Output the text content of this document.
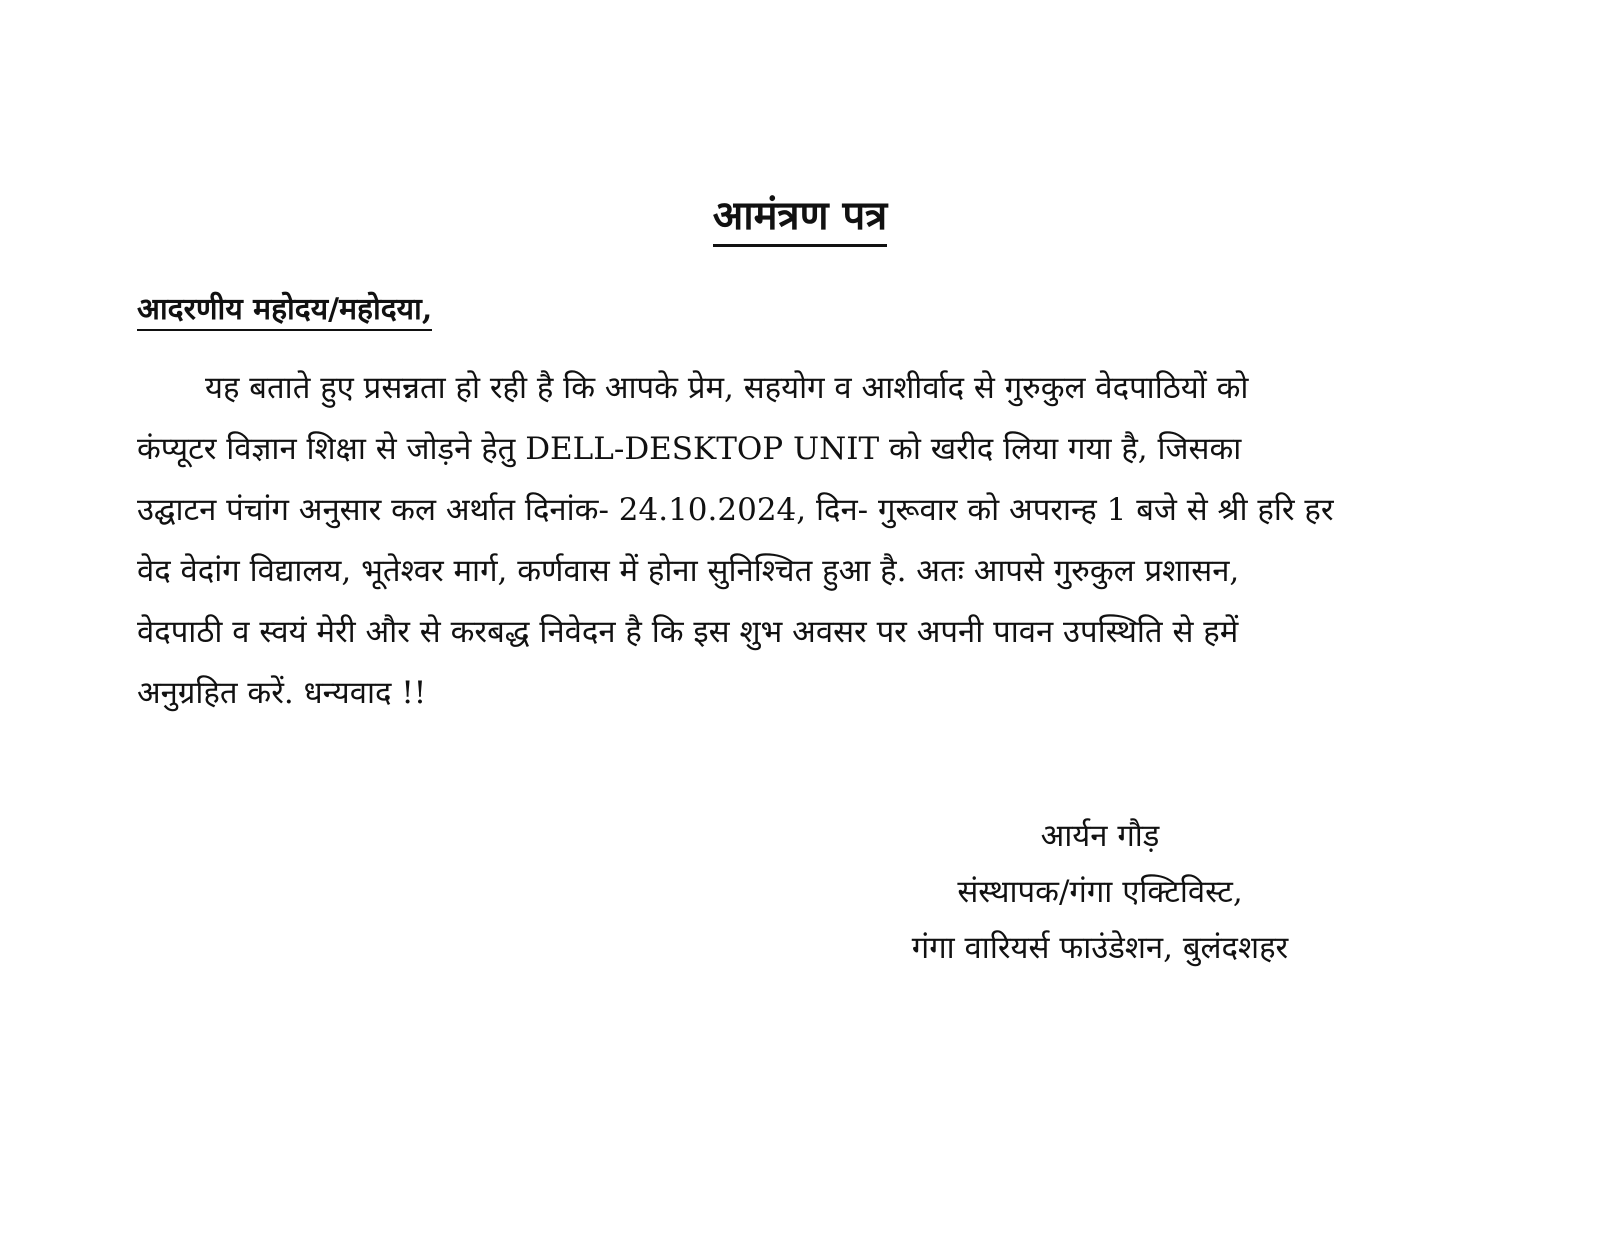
आमंत्रण पत्र

आदरणीय महोदय/महोदया,

यह बताते हुए प्रसन्नता हो रही है कि आपके प्रेम, सहयोग व आशीर्वाद से गुरुकुल वेदपाठियों को
कंप्यूटर विज्ञान शिक्षा से जोड़ने हेतु DELL-DESKTOP UNIT को खरीद लिया गया है, जिसका
उद्घाटन पंचांग अनुसार कल अर्थात दिनांक- 24.10.2024, दिन- गुरूवार को अपरान्ह 1 बजे से श्री हरि हर
वेद वेदांग विद्यालय, भूतेश्वर मार्ग, कर्णवास में होना सुनिश्चित हुआ है. अतः आपसे गुरुकुल प्रशासन,
वेदपाठी व स्वयं मेरी और से करबद्ध निवेदन है कि इस शुभ अवसर पर अपनी पावन उपस्थिति से हमें
अनुग्रहित करें. धन्यवाद !!

आर्यन गौड़
संस्थापक/गंगा एक्टिविस्ट,
गंगा वारियर्स फाउंडेशन, बुलंदशहर
